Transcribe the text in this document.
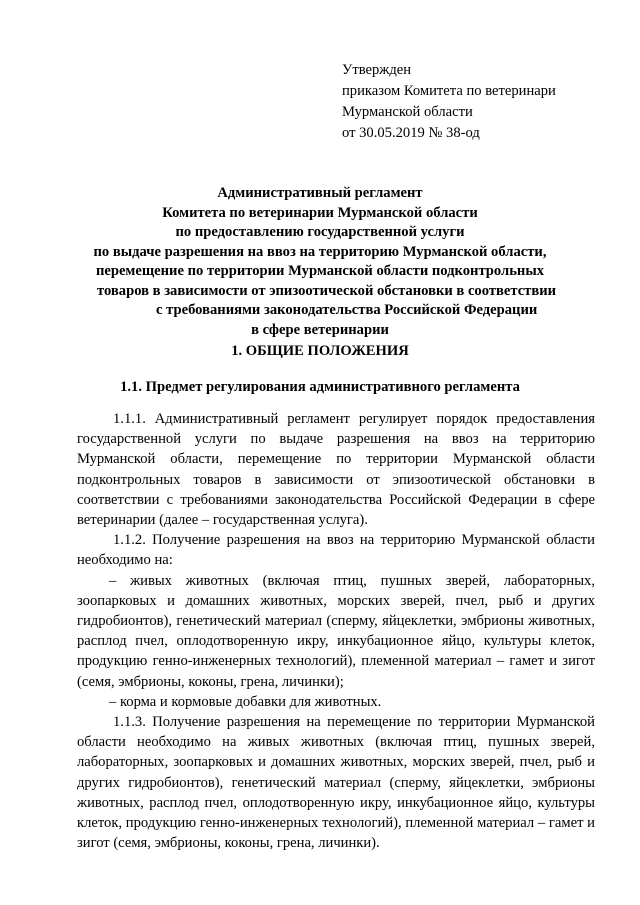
Утвержден
приказом Комитета по ветеринари
Мурманской области
от 30.05.2019 № 38-од
Административный регламент
Комитета по ветеринарии Мурманской области
по предоставлению государственной услуги
по выдаче разрешения на ввоз на территорию Мурманской области,
перемещение по территории Мурманской области подконтрольных
товаров в зависимости от эпизоотической обстановки в соответствии
с требованиями законодательства Российской Федерации
в сфере ветеринарии
1. ОБЩИЕ ПОЛОЖЕНИЯ
1.1. Предмет регулирования административного регламента

1.1.1. Административный регламент регулирует порядок предоставления государственной услуги по выдаче разрешения на ввоз на территорию Мурманской области, перемещение по территории Мурманской области подконтрольных товаров в зависимости от эпизоотической обстановки в соответствии с требованиями законодательства Российской Федерации в сфере ветеринарии (далее – государственная услуга).

1.1.2. Получение разрешения на ввоз на территорию Мурманской области необходимо на:

– живых животных (включая птиц, пушных зверей, лабораторных, зоопарковых и домашних животных, морских зверей, пчел, рыб и других гидробионтов), генетический материал (сперму, яйцеклетки, эмбрионы животных, расплод пчел, оплодотворенную икру, инкубационное яйцо, культуры клеток, продукцию генно-инженерных технологий), племенной материал – гамет и зигот (семя, эмбрионы, коконы, грена, личинки);

– корма и кормовые добавки для животных.

1.1.3. Получение разрешения на перемещение по территории Мурманской области необходимо на живых животных (включая птиц, пушных зверей, лабораторных, зоопарковых и домашних животных, морских зверей, пчел, рыб и других гидробионтов), генетический материал (сперму, яйцеклетки, эмбрионы животных, расплод пчел, оплодотворенную икру, инкубационное яйцо, культуры клеток, продукцию генно-инженерных технологий), племенной материал – гамет и зигот (семя, эмбрионы, коконы, грена, личинки).
